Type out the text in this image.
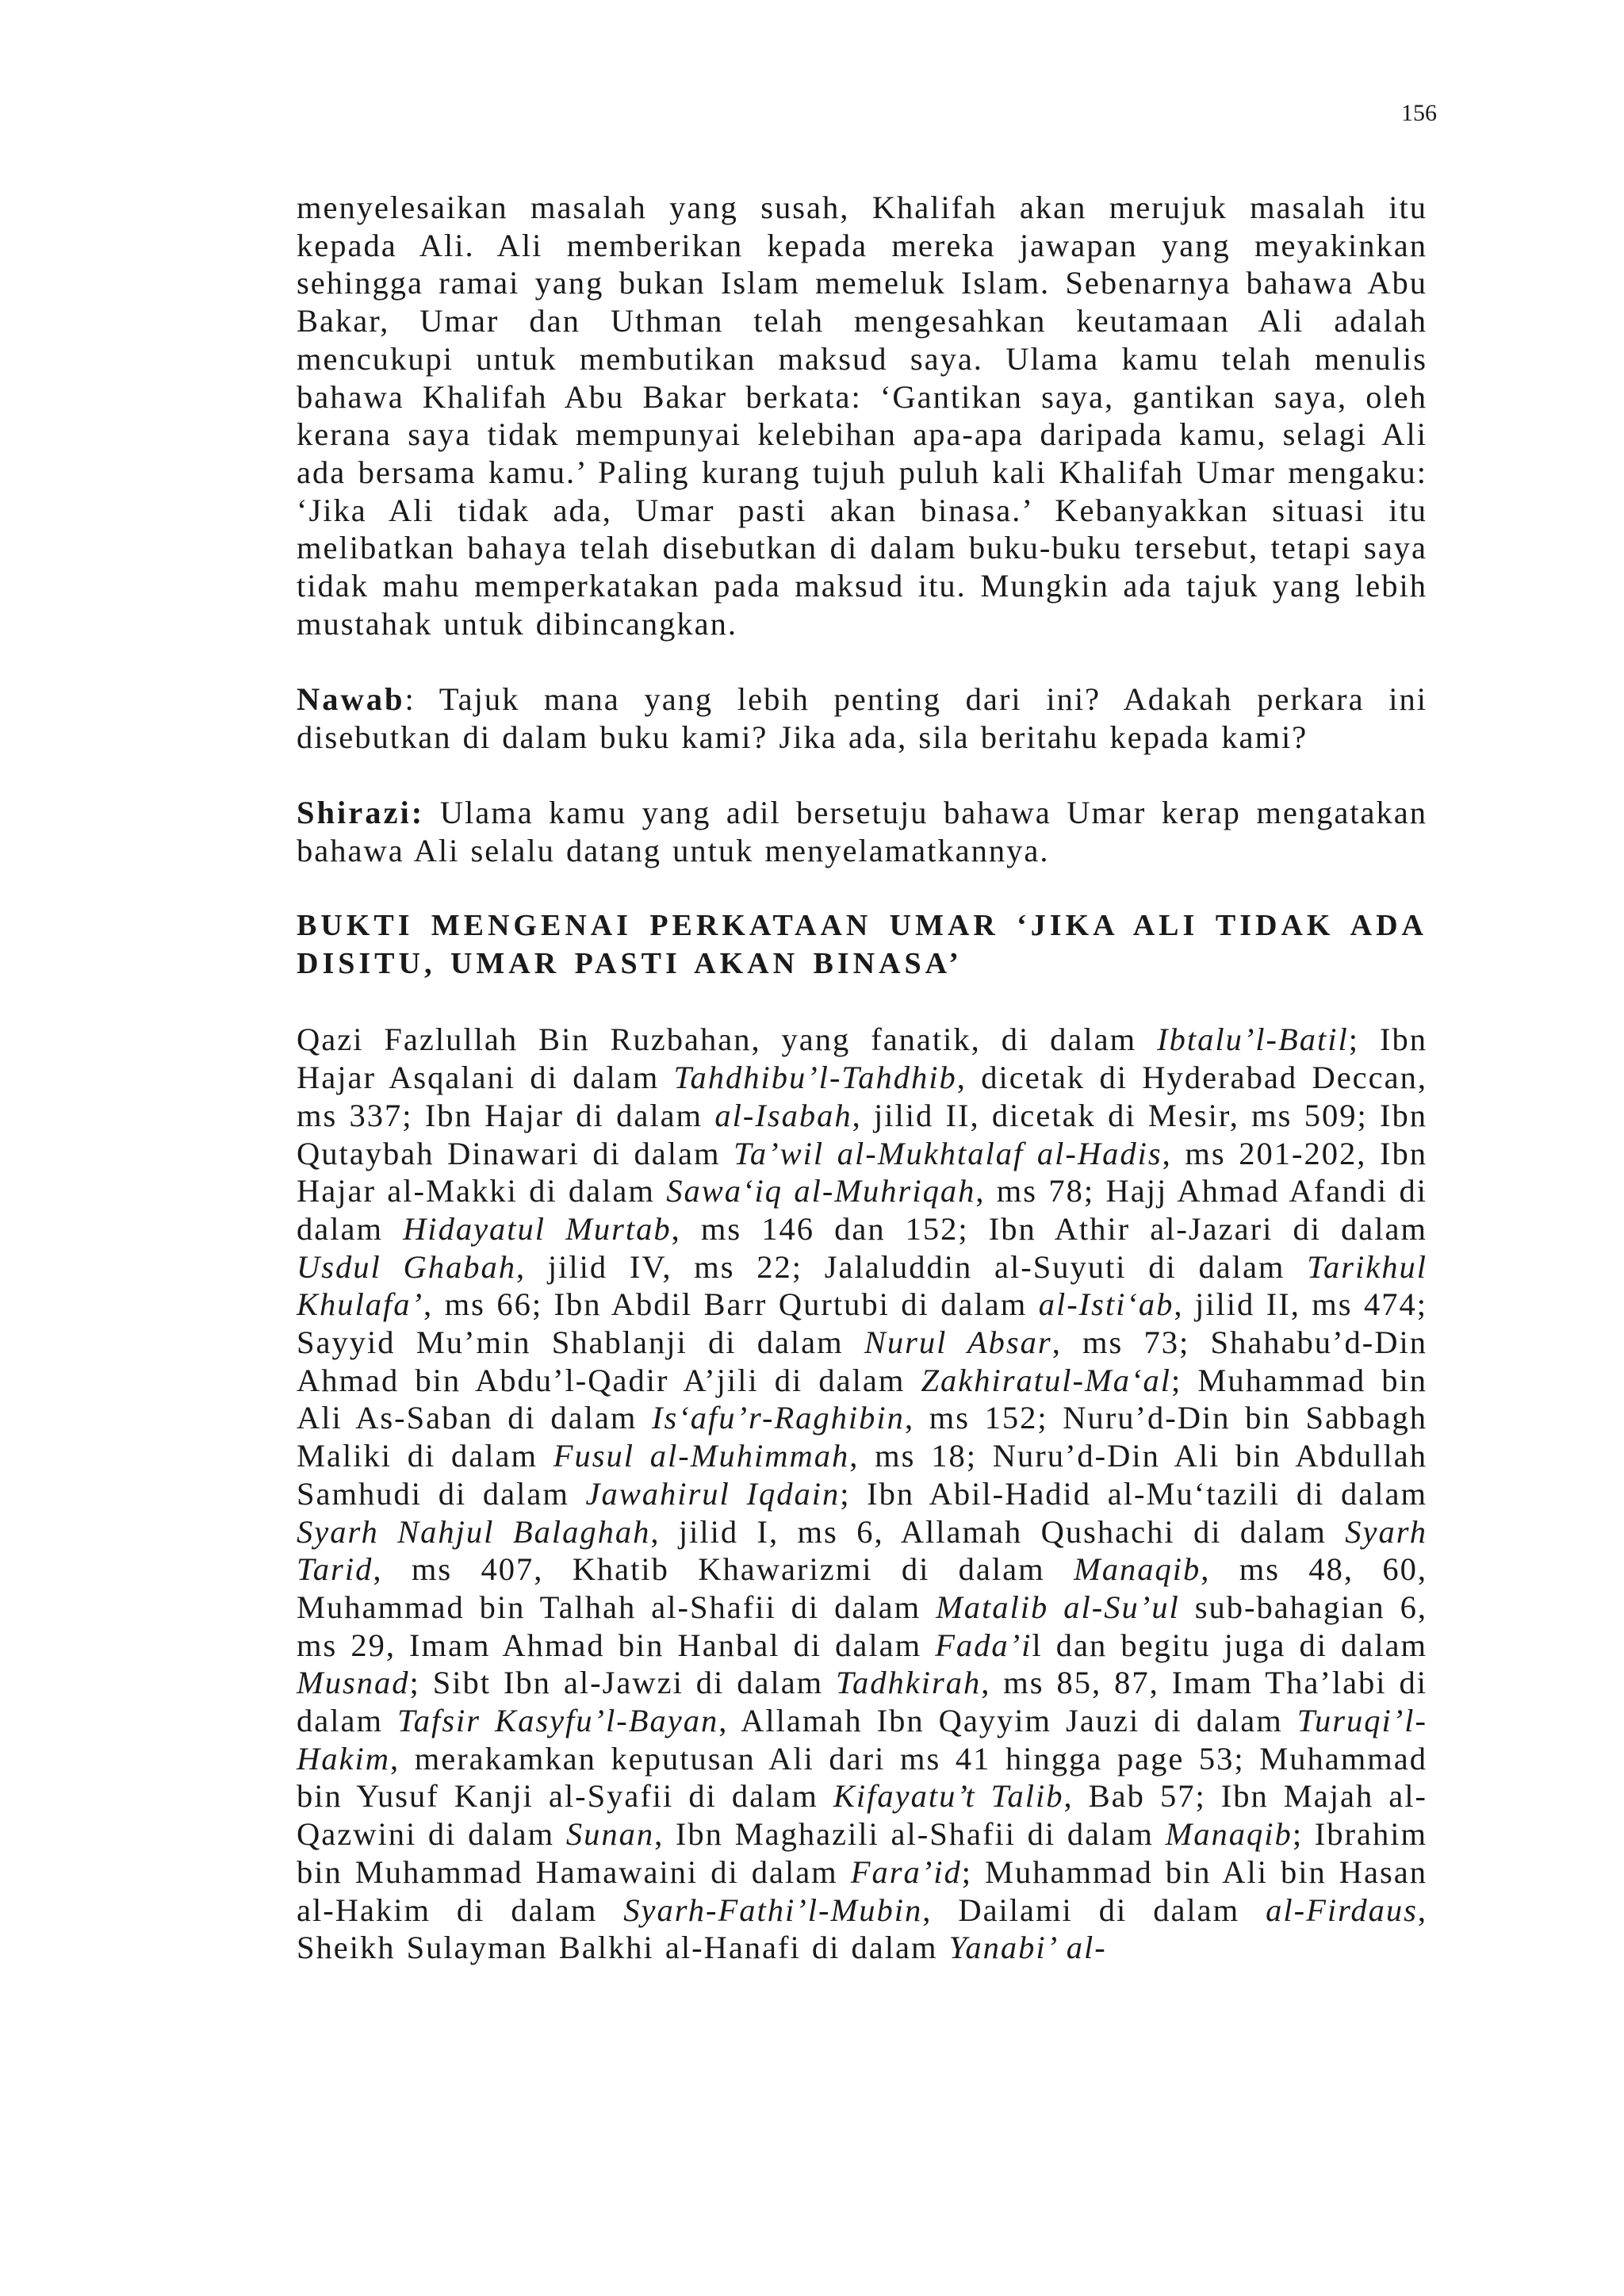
156

menyelesaikan masalah yang susah, Khalifah akan merujuk masalah itu kepada Ali. Ali memberikan kepada mereka jawapan yang meyakinkan sehingga ramai yang bukan Islam memeluk Islam. Sebenarnya bahawa Abu Bakar, Umar dan Uthman telah mengesahkan keutamaan Ali adalah mencukupi untuk membutikan maksud saya. Ulama kamu telah menulis bahawa Khalifah Abu Bakar berkata: ‘Gantikan saya, gantikan saya, oleh kerana saya tidak mempunyai kelebihan apa-apa daripada kamu, selagi Ali ada bersama kamu.’ Paling kurang tujuh puluh kali Khalifah Umar mengaku: ‘Jika Ali tidak ada, Umar pasti akan binasa.’ Kebanyakkan situasi itu melibatkan bahaya telah disebutkan di dalam buku-buku tersebut, tetapi saya tidak mahu memperkatakan pada maksud itu. Mungkin ada tajuk yang lebih mustahak untuk dibincangkan.

Nawab: Tajuk mana yang lebih penting dari ini? Adakah perkara ini disebutkan di dalam buku kami? Jika ada, sila beritahu kepada kami?

Shirazi: Ulama kamu yang adil bersetuju bahawa Umar kerap mengatakan bahawa Ali selalu datang untuk menyelamatkannya.

BUKTI MENGENAI PERKATAAN UMAR ‘JIKA ALI TIDAK ADA DISITU, UMAR PASTI AKAN BINASA’

Qazi Fazlullah Bin Ruzbahan, yang fanatik, di dalam Ibtalu’l-Batil; Ibn Hajar Asqalani di dalam Tahdhibu’l-Tahdhib, dicetak di Hyderabad Deccan, ms 337; Ibn Hajar di dalam al-Isabah, jilid II, dicetak di Mesir, ms 509; Ibn Qutaybah Dinawari di dalam Ta’wil al-Mukhtalaf al-Hadis, ms 201-202, Ibn Hajar al-Makki di dalam Sawa‘iq al-Muhriqah, ms 78; Hajj Ahmad Afandi di dalam Hidayatul Murtab, ms 146 dan 152; Ibn Athir al-Jazari di dalam Usdul Ghabah, jilid IV, ms 22; Jalaluddin al-Suyuti di dalam Tarikhul Khulafa’, ms 66; Ibn Abdil Barr Qurtubi di dalam al-Isti‘ab, jilid II, ms 474; Sayyid Mu’min Shablanji di dalam Nurul Absar, ms 73; Shahabu’d-Din Ahmad bin Abdu’l-Qadir A’jili di dalam Zakhiratul-Ma‘al; Muhammad bin Ali As-Saban di dalam Is‘afu’r-Raghibin, ms 152; Nuru’d-Din bin Sabbagh Maliki di dalam Fusul al-Muhimmah, ms 18; Nuru’d-Din Ali bin Abdullah Samhudi di dalam Jawahirul Iqdain; Ibn Abil-Hadid al-Mu‘tazili di dalam Syarh Nahjul Balaghah, jilid I, ms 6, Allamah Qushachi di dalam Syarh Tarid, ms 407, Khatib Khawarizmi di dalam Manaqib, ms 48, 60, Muhammad bin Talhah al-Shafii di dalam Matalib al-Su’ul sub-bahagian 6, ms 29, Imam Ahmad bin Hanbal di dalam Fada’il dan begitu juga di dalam Musnad; Sibt Ibn al-Jawzi di dalam Tadhkirah, ms 85, 87, Imam Tha’labi di dalam Tafsir Kasyfu’l-Bayan, Allamah Ibn Qayyim Jauzi di dalam Turuqi’l-Hakim, merakamkan keputusan Ali dari ms 41 hingga page 53; Muhammad bin Yusuf Kanji al-Syafii di dalam Kifayatu’t Talib, Bab 57; Ibn Majah al-Qazwini di dalam Sunan, Ibn Maghazili al-Shafii di dalam Manaqib; Ibrahim bin Muhammad Hamawaini di dalam Fara’id; Muhammad bin Ali bin Hasan al-Hakim di dalam Syarh-Fathi’l-Mubin, Dailami di dalam al-Firdaus, Sheikh Sulayman Balkhi al-Hanafi di dalam Yanabi’ al-
